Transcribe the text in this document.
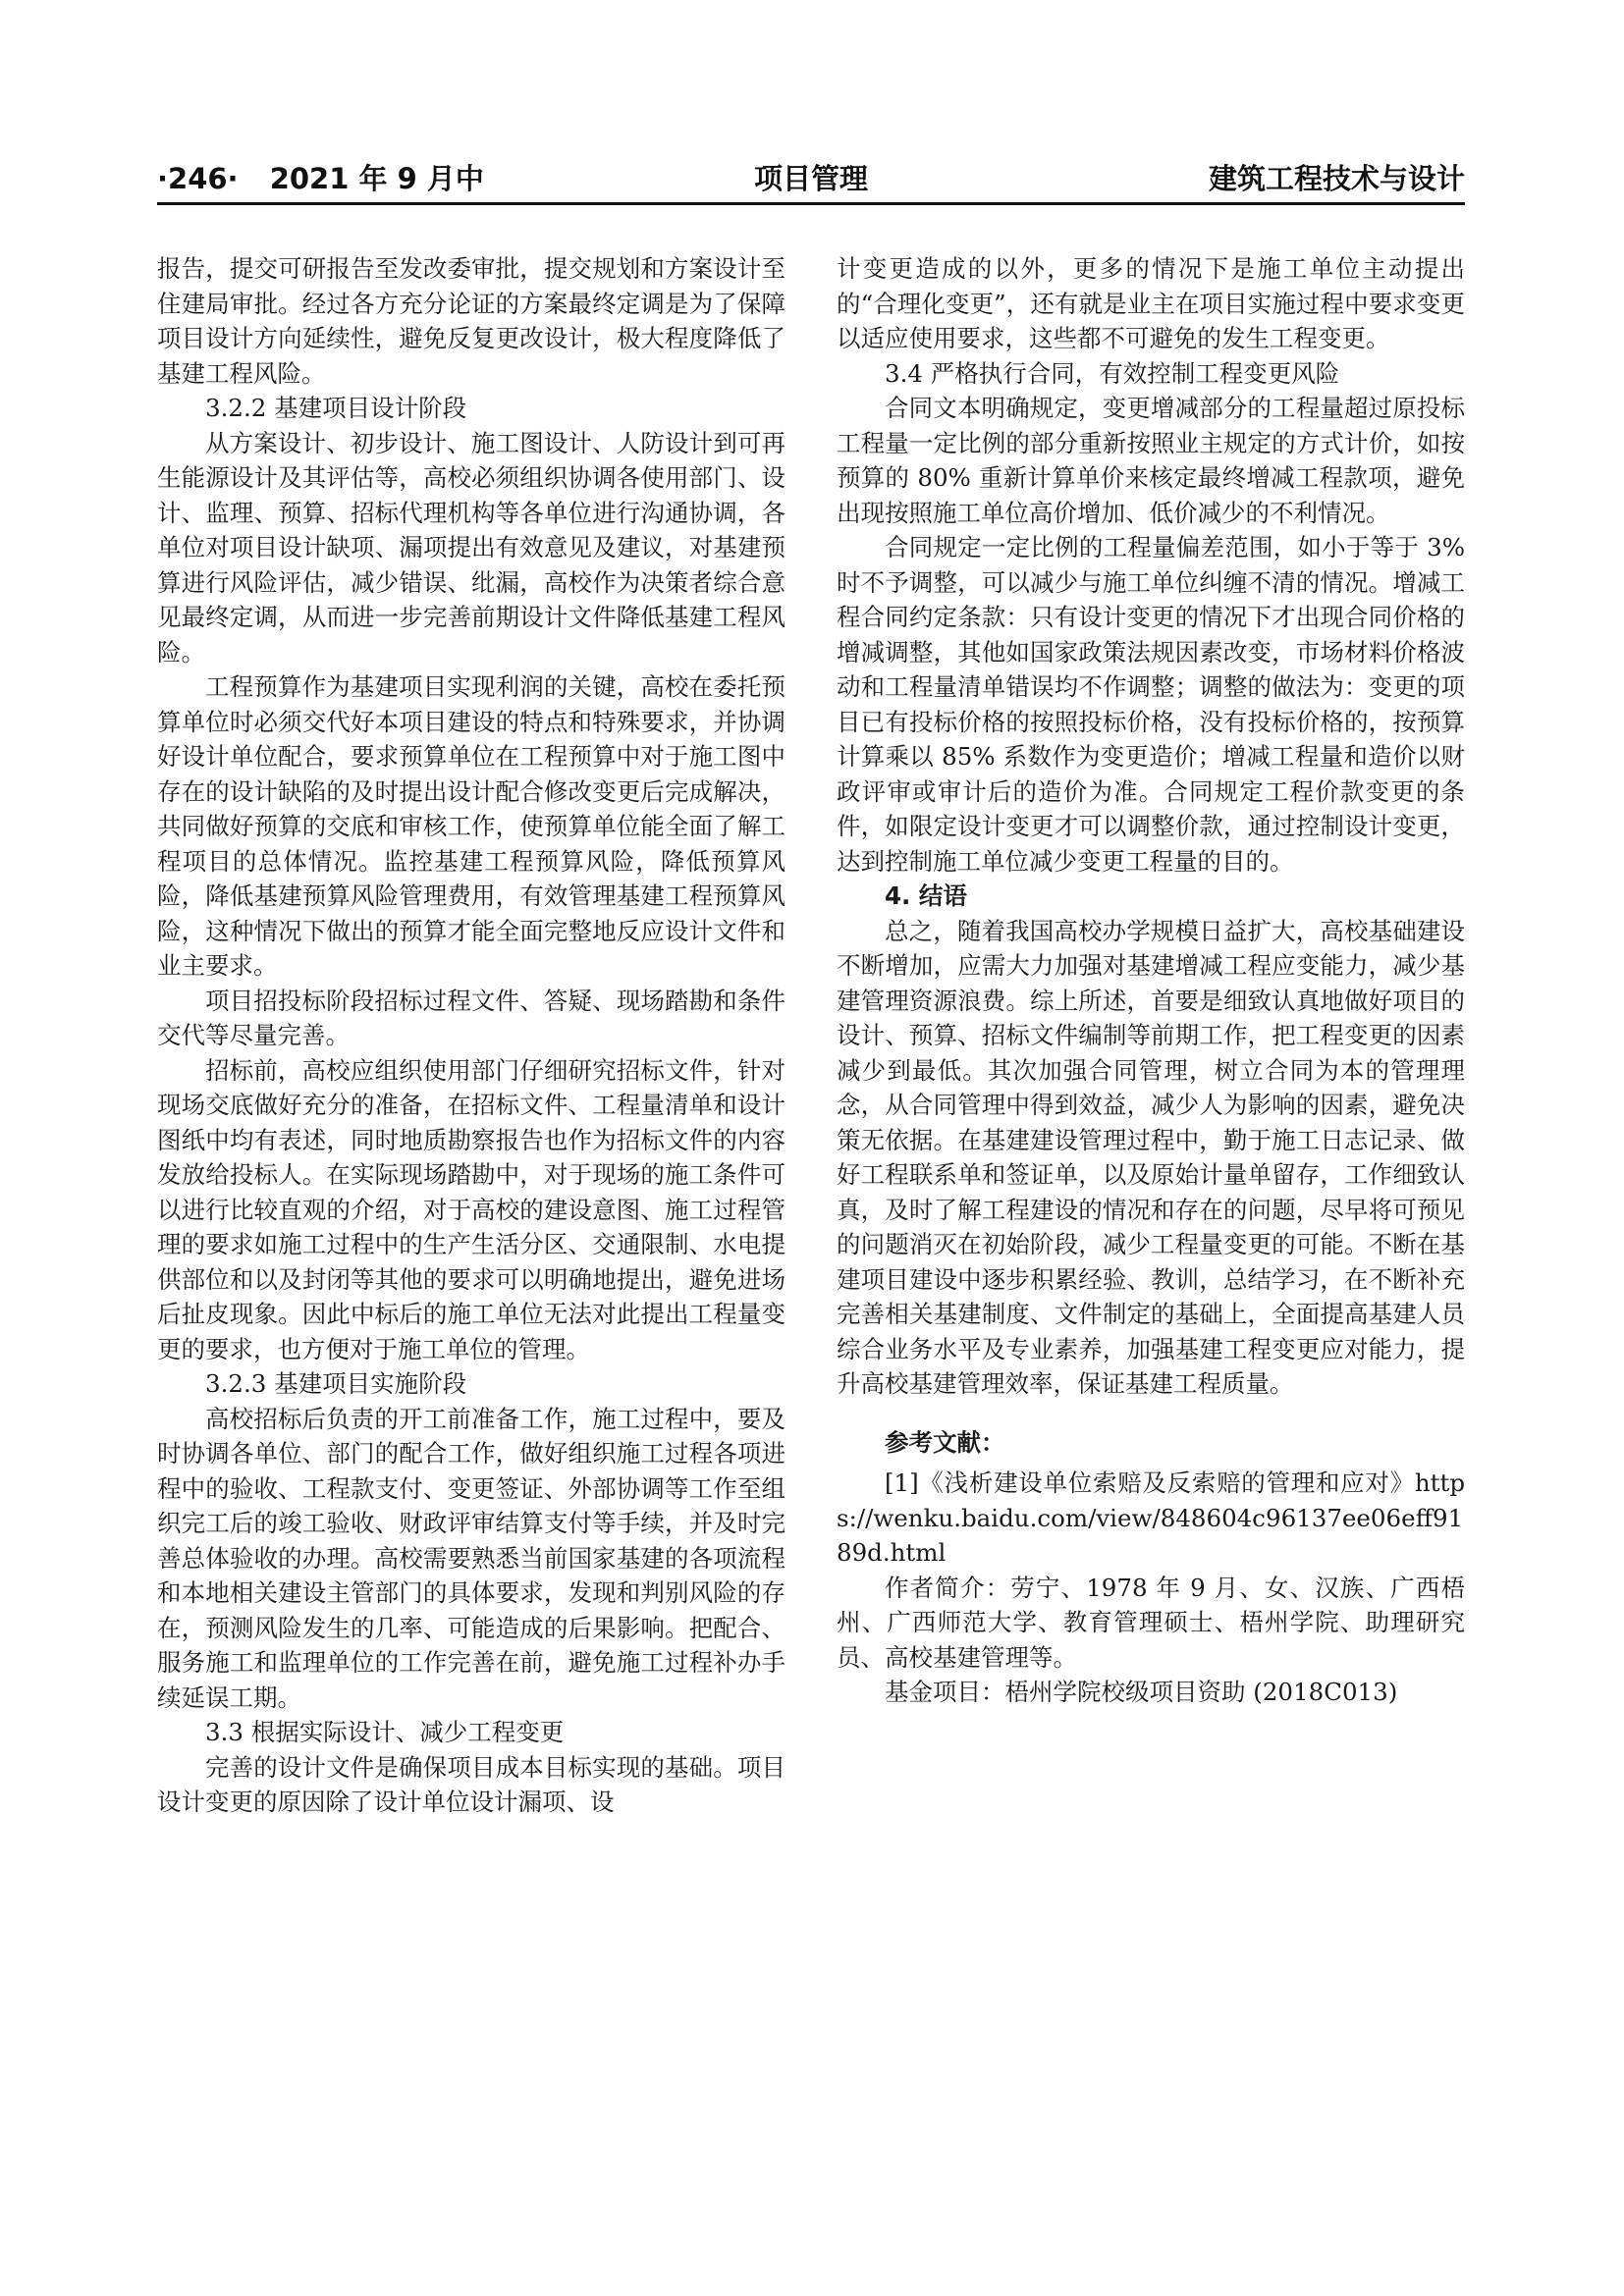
·246· 2021 年 9 月中	项目管理	建筑工程技术与设计

报告，提交可研报告至发改委审批，提交规划和方案设计至住建局审批。经过各方充分论证的方案最终定调是为了保障项目设计方向延续性，避免反复更改设计，极大程度降低了基建工程风险。

3.2.2 基建项目设计阶段

从方案设计、初步设计、施工图设计、人防设计到可再生能源设计及其评估等，高校必须组织协调各使用部门、设计、监理、预算、招标代理机构等各单位进行沟通协调，各单位对项目设计缺项、漏项提出有效意见及建议，对基建预算进行风险评估，减少错误、纰漏，高校作为决策者综合意见最终定调，从而进一步完善前期设计文件降低基建工程风险。

工程预算作为基建项目实现利润的关键，高校在委托预算单位时必须交代好本项目建设的特点和特殊要求，并协调好设计单位配合，要求预算单位在工程预算中对于施工图中存在的设计缺陷的及时提出设计配合修改变更后完成解决，共同做好预算的交底和审核工作，使预算单位能全面了解工程项目的总体情况。监控基建工程预算风险，降低预算风险，降低基建预算风险管理费用，有效管理基建工程预算风险，这种情况下做出的预算才能全面完整地反应设计文件和业主要求。

项目招投标阶段招标过程文件、答疑、现场踏勘和条件交代等尽量完善。

招标前，高校应组织使用部门仔细研究招标文件，针对现场交底做好充分的准备，在招标文件、工程量清单和设计图纸中均有表述，同时地质勘察报告也作为招标文件的内容发放给投标人。在实际现场踏勘中，对于现场的施工条件可以进行比较直观的介绍，对于高校的建设意图、施工过程管理的要求如施工过程中的生产生活分区、交通限制、水电提供部位和以及封闭等其他的要求可以明确地提出，避免进场后扯皮现象。因此中标后的施工单位无法对此提出工程量变更的要求，也方便对于施工单位的管理。

3.2.3 基建项目实施阶段

高校招标后负责的开工前准备工作，施工过程中，要及时协调各单位、部门的配合工作，做好组织施工过程各项进程中的验收、工程款支付、变更签证、外部协调等工作至组织完工后的竣工验收、财政评审结算支付等手续，并及时完善总体验收的办理。高校需要熟悉当前国家基建的各项流程和本地相关建设主管部门的具体要求，发现和判别风险的存在，预测风险发生的几率、可能造成的后果影响。把配合、服务施工和监理单位的工作完善在前，避免施工过程补办手续延误工期。

3.3 根据实际设计、减少工程变更

完善的设计文件是确保项目成本目标实现的基础。项目设计变更的原因除了设计单位设计漏项、设

计变更造成的以外，更多的情况下是施工单位主动提出的“合理化变更”，还有就是业主在项目实施过程中要求变更以适应使用要求，这些都不可避免的发生工程变更。

3.4 严格执行合同，有效控制工程变更风险

合同文本明确规定，变更增减部分的工程量超过原投标工程量一定比例的部分重新按照业主规定的方式计价，如按预算的 80% 重新计算单价来核定最终增减工程款项，避免出现按照施工单位高价增加、低价减少的不利情况。

合同规定一定比例的工程量偏差范围，如小于等于 3% 时不予调整，可以减少与施工单位纠缠不清的情况。增减工程合同约定条款：只有设计变更的情况下才出现合同价格的增减调整，其他如国家政策法规因素改变，市场材料价格波动和工程量清单错误均不作调整；调整的做法为：变更的项目已有投标价格的按照投标价格，没有投标价格的，按预算计算乘以 85% 系数作为变更造价；增减工程量和造价以财政评审或审计后的造价为准。合同规定工程价款变更的条件，如限定设计变更才可以调整价款，通过控制设计变更，达到控制施工单位减少变更工程量的目的。

4. 结语

总之，随着我国高校办学规模日益扩大，高校基础建设不断增加，应需大力加强对基建增减工程应变能力，减少基建管理资源浪费。综上所述，首要是细致认真地做好项目的设计、预算、招标文件编制等前期工作，把工程变更的因素减少到最低。其次加强合同管理，树立合同为本的管理理念，从合同管理中得到效益，减少人为影响的因素，避免决策无依据。在基建建设管理过程中，勤于施工日志记录、做好工程联系单和签证单，以及原始计量单留存，工作细致认真，及时了解工程建设的情况和存在的问题，尽早将可预见的问题消灭在初始阶段，减少工程量变更的可能。不断在基建项目建设中逐步积累经验、教训，总结学习，在不断补充完善相关基建制度、文件制定的基础上，全面提高基建人员综合业务水平及专业素养，加强基建工程变更应对能力，提升高校基建管理效率，保证基建工程质量。

参考文献：

[1]《浅析建设单位索赔及反索赔的管理和应对》https://wenku.baidu.com/view/848604c96137ee06eff9189d.html

作者简介：劳宁、1978 年 9 月、女、汉族、广西梧州、广西师范大学、教育管理硕士、梧州学院、助理研究员、高校基建管理等。

基金项目：梧州学院校级项目资助 (2018C013)
